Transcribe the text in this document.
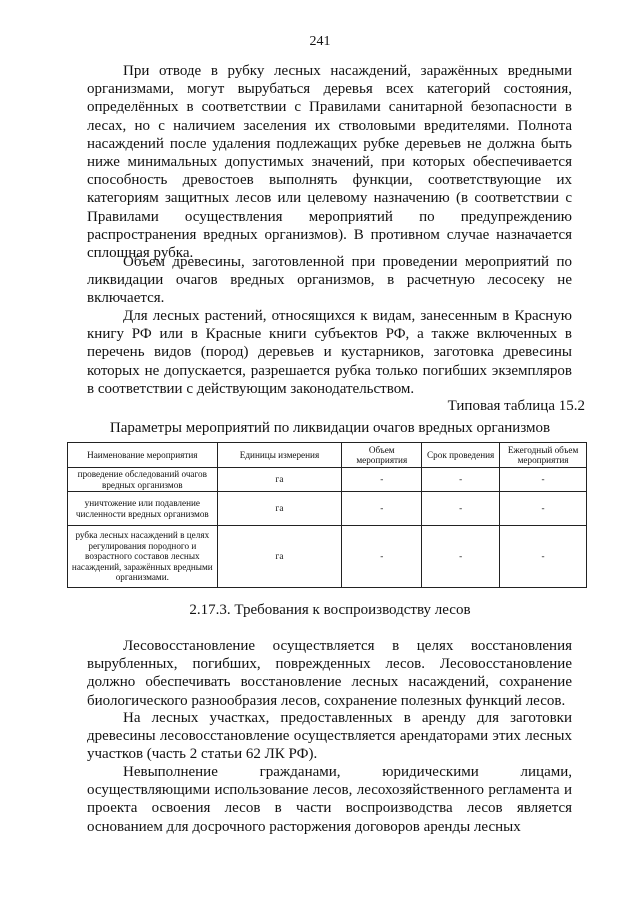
241

При отводе в рубку лесных насаждений, заражённых вредными организмами, могут вырубаться деревья всех категорий состояния, определённых в соответствии с Правилами санитарной безопасности в лесах, но с наличием заселения их стволовыми вредителями. Полнота насаждений после удаления подлежащих рубке деревьев не должна быть ниже минимальных допустимых значений, при которых обеспечивается способность древостоев выполнять функции, соответствующие их категориям защитных лесов или целевому назначению (в соответствии с Правилами осуществления мероприятий по предупреждению распространения вредных организмов). В противном случае назначается сплошная рубка.

Объем древесины, заготовленной при проведении мероприятий по ликвидации очагов вредных организмов, в расчетную лесосеку не включается.

Для лесных растений, относящихся к видам, занесенным в Красную книгу РФ или в Красные книги субъектов РФ, а также включенных в перечень видов (пород) деревьев и кустарников, заготовка древесины которых не допускается, разрешается рубка только погибших экземпляров в соответствии с действующим законодательством.

Типовая таблица 15.2
Параметры мероприятий по ликвидации очагов вредных организмов
Наименование мероприятия	Единицы измерения	Объем мероприятия	Срок проведения	Ежегодный объем мероприятия
проведение обследований очагов вредных организмов	га	-	-	-
уничтожение или подавление численности вредных организмов	га	-	-	-
рубка лесных насаждений в целях регулирования породного и возрастного составов лесных насаждений, заражённых вредными организмами.	га	-	-	-
2.17.3. Требования к воспроизводству лесов

Лесовосстановление осуществляется в целях восстановления вырубленных, погибших, поврежденных лесов. Лесовосстановление должно обеспечивать восстановление лесных насаждений, сохранение биологического разнообразия лесов, сохранение полезных функций лесов.

На лесных участках, предоставленных в аренду для заготовки древесины лесовосстановление осуществляется арендаторами этих лесных участков (часть 2 статьи 62 ЛК РФ).

Невыполнение гражданами, юридическими лицами, осуществляющими использование лесов, лесохозяйственного регламента и проекта освоения лесов в части воспроизводства лесов является основанием для досрочного расторжения договоров аренды лесных
